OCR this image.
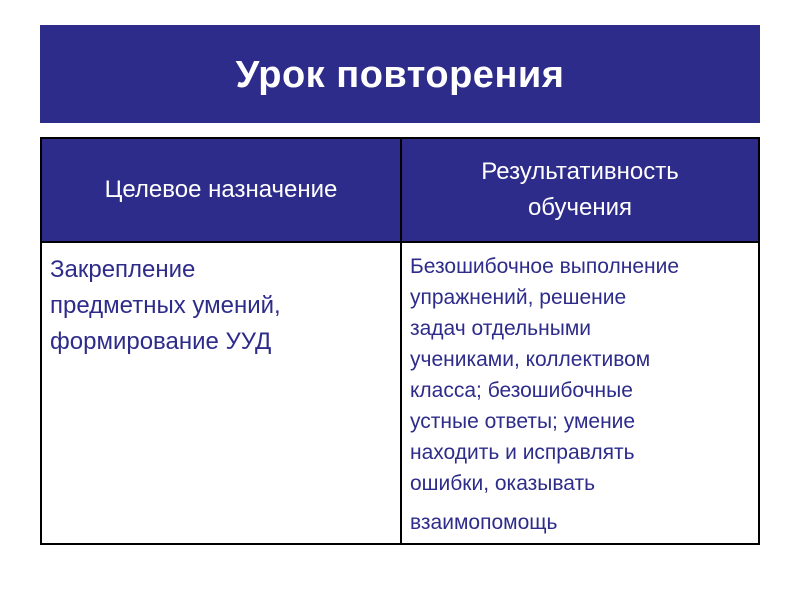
Урок повторения
Целевое назначение
Результативность
обучения
Закрепление
предметных умений,
формирование УУД
Безошибочное выполнение
упражнений, решение
задач отдельными
учениками, коллективом
класса; безошибочные
устные ответы; умение
находить и исправлять
ошибки, оказывать
взаимопомощь
